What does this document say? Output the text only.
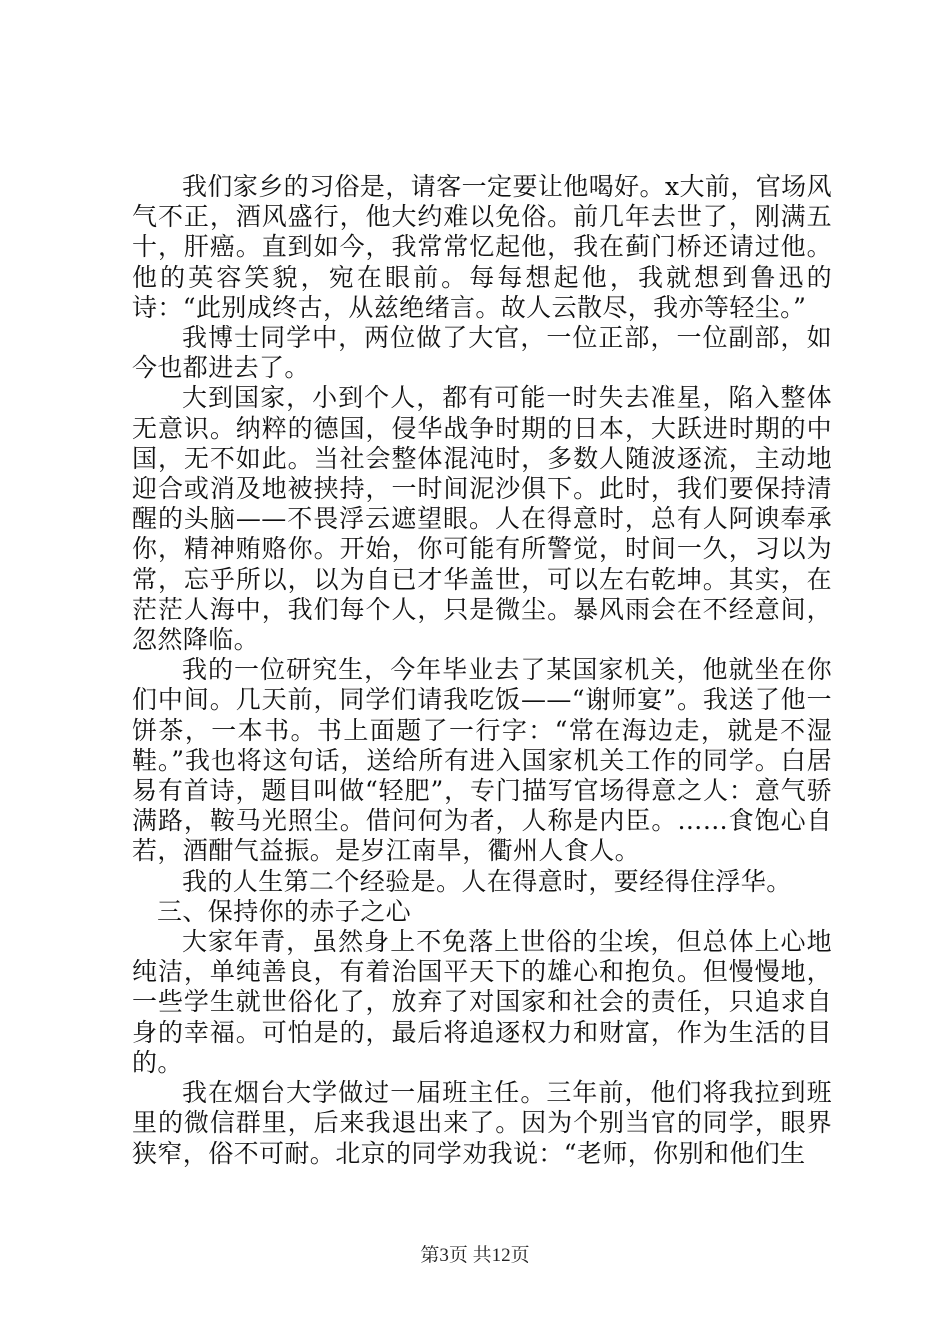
我们家乡的习俗是，请客一定要让他喝好。x大前，官场风气不正，酒风盛行，他大约难以免俗。前几年去世了，刚满五十，肝癌。直到如今，我常常忆起他，我在蓟门桥还请过他。他的英容笑貌，宛在眼前。每每想起他，我就想到鲁迅的诗：“此别成终古，从兹绝绪言。故人云散尽，我亦等轻尘。”

我博士同学中，两位做了大官，一位正部，一位副部，如今也都进去了。

大到国家，小到个人，都有可能一时失去准星，陷入整体无意识。纳粹的德国，侵华战争时期的日本，大跃进时期的中国，无不如此。当社会整体混沌时，多数人随波逐流，主动地迎合或消及地被挟持，一时间泥沙俱下。此时，我们要保持清醒的头脑——不畏浮云遮望眼。人在得意时，总有人阿谀奉承你，精神贿赂你。开始，你可能有所警觉，时间一久，习以为常，忘乎所以，以为自已才华盖世，可以左右乾坤。其实，在茫茫人海中，我们每个人，只是微尘。暴风雨会在不经意间，忽然降临。

我的一位研究生，今年毕业去了某国家机关，他就坐在你们中间。几天前，同学们请我吃饭——“谢师宴”。我送了他一饼茶，一本书。书上面题了一行字：“常在海边走，就是不湿鞋。”我也将这句话，送给所有进入国家机关工作的同学。白居易有首诗，题目叫做“轻肥”，专门描写官场得意之人：意气骄满路，鞍马光照尘。借问何为者，人称是内臣。……食饱心自若，酒酣气益振。是岁江南旱，衢州人食人。

我的人生第二个经验是。人在得意时，要经得住浮华。

三、保持你的赤子之心

大家年青，虽然身上不免落上世俗的尘埃，但总体上心地纯洁，单纯善良，有着治国平天下的雄心和抱负。但慢慢地，一些学生就世俗化了，放弃了对国家和社会的责任，只追求自身的幸福。可怕是的，最后将追逐权力和财富，作为生活的目的。

我在烟台大学做过一届班主任。三年前，他们将我拉到班里的微信群里，后来我退出来了。因为个别当官的同学，眼界狭窄，俗不可耐。北京的同学劝我说：“老师，你别和他们生

第3页 共12页
